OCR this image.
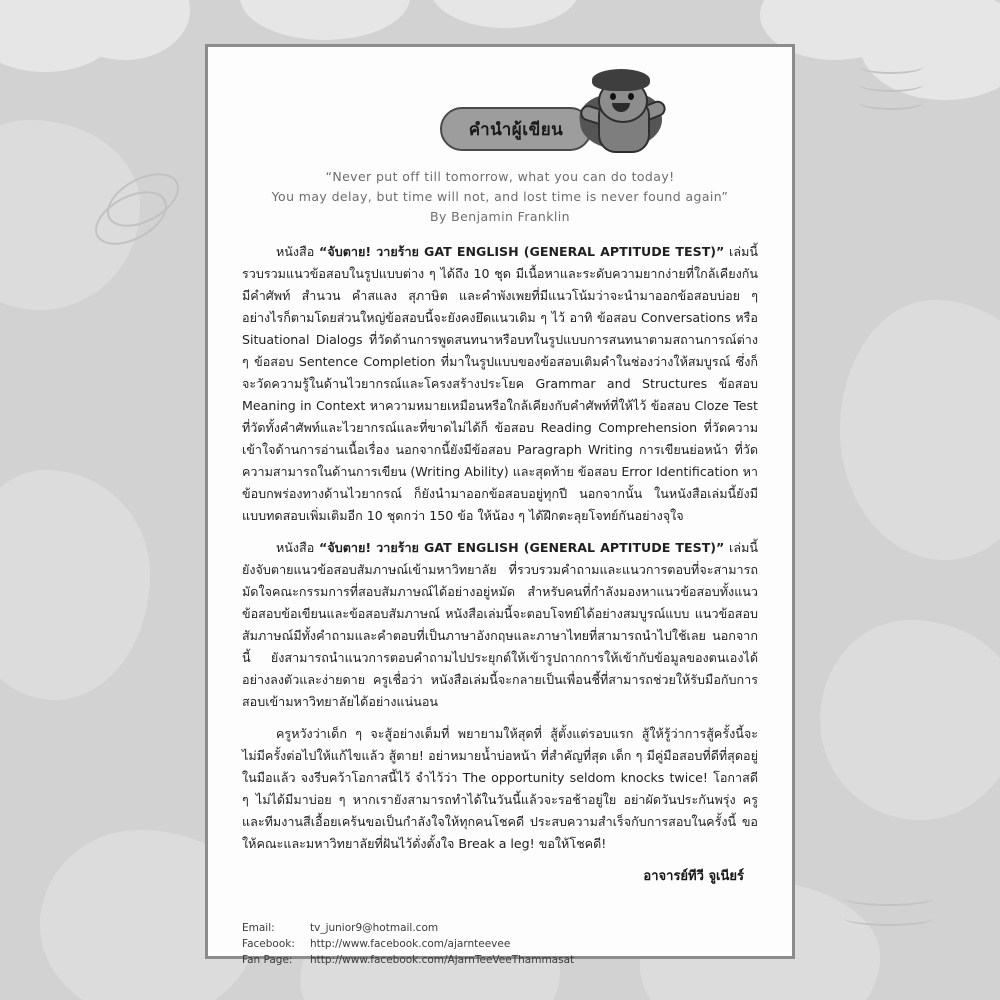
คำนำผู้เขียน
“Never put off till tomorrow, what you can do today!
You may delay, but time will not, and lost time is never found again”
By Benjamin Franklin

หนังสือ “จับตาย! วายร้าย GAT ENGLISH (GENERAL APTITUDE TEST)” เล่มนี้ รวบรวมแนวข้อสอบในรูปแบบต่าง ๆ ได้ถึง 10 ชุด มีเนื้อหาและระดับความยากง่ายที่ใกล้เคียงกัน มีคำศัพท์ สำนวน คำสแลง สุภาษิต และคำพังเพยที่มีแนวโน้มว่าจะนำมาออกข้อสอบบ่อย ๆ อย่างไรก็ตามโดยส่วนใหญ่ข้อสอบนี้จะยังคงยึดแนวเดิม ๆ ไว้ อาทิ ข้อสอบ Conversations หรือ Situational Dialogs ที่วัดด้านการพูดสนทนาหรือบทในรูปแบบการสนทนาตามสถานการณ์ต่าง ๆ ข้อสอบ Sentence Completion ที่มาในรูปแบบของข้อสอบเติมคำในช่องว่างให้สมบูรณ์ ซึ่งก็จะวัดความรู้ในด้านไวยากรณ์และโครงสร้างประโยค Grammar and Structures ข้อสอบ Meaning in Context หาความหมายเหมือนหรือใกล้เคียงกับคำศัพท์ที่ให้ไว้ ข้อสอบ Cloze Test ที่วัดทั้งคำศัพท์และไวยากรณ์และที่ขาดไม่ได้ก็ ข้อสอบ Reading Comprehension ที่วัดความเข้าใจด้านการอ่านเนื้อเรื่อง นอกจากนี้ยังมีข้อสอบ Paragraph Writing การเขียนย่อหน้า ที่วัดความสามารถในด้านการเขียน (Writing Ability) และสุดท้าย ข้อสอบ Error Identification หาข้อบกพร่องทางด้านไวยากรณ์ ก็ยังนำมาออกข้อสอบอยู่ทุกปี นอกจากนั้น ในหนังสือเล่มนี้ยังมีแบบทดสอบเพิ่มเติมอีก 10 ชุดกว่า 150 ข้อ ให้น้อง ๆ ได้ฝึกตะลุยโจทย์กันอย่างจุใจ

หนังสือ “จับตาย! วายร้าย GAT ENGLISH (GENERAL APTITUDE TEST)” เล่มนี้ยังจับตายแนวข้อสอบสัมภาษณ์เข้ามหาวิทยาลัย ที่รวบรวมคำถามและแนวการตอบที่จะสามารถมัดใจคณะกรรมการที่สอบสัมภาษณ์ได้อย่างอยู่หมัด สำหรับคนที่กำลังมองหาแนวข้อสอบทั้งแนวข้อสอบข้อเขียนและข้อสอบสัมภาษณ์ หนังสือเล่มนี้จะตอบโจทย์ได้อย่างสมบูรณ์แบบ แนวข้อสอบสัมภาษณ์มีทั้งคำถามและคำตอบที่เป็นภาษาอังกฤษและภาษาไทยที่สามารถนำไปใช้เลย นอกจากนี้ ยังสามารถนำแนวการตอบคำถามไปประยุกต์ให้เข้ารูปถากการให้เข้ากับข้อมูลของตนเองได้อย่างลงตัวและง่ายดาย ครูเชื่อว่า หนังสือเล่มนี้จะกลายเป็นเพื่อนชี้ที่สามารถช่วยให้รับมือกับการสอบเข้ามหาวิทยาลัยได้อย่างแน่นอน

ครูหวังว่าเด็ก ๆ จะสู้อย่างเต็มที่ พยายามให้สุดที่ สู้ตั้งแต่รอบแรก สู้ให้รู้ว่าการสู้ครั้งนี้จะไม่มีครั้งต่อไปให้แก้ไขแล้ว สู้ตาย! อย่าหมายน้ำบ่อหน้า ที่สำคัญที่สุด เด็ก ๆ มีคู่มือสอบที่ดีที่สุดอยู่ในมือแล้ว จงรีบคว้าโอกาสนี้ไว้ จำไว้ว่า The opportunity seldom knocks twice! โอกาสดี ๆ ไม่ได้มีมาบ่อย ๆ หากเรายังสามารถทำได้ในวันนี้แล้วจะรอช้าอยู่ใย อย่าผัดวันประกันพรุ่ง ครูและทีมงานสีเอื้อยเคร้นขอเป็นกำลังใจให้ทุกคนโชคดี ประสบความสำเร็จกับการสอบในครั้งนี้ ขอให้คณะและมหาวิทยาลัยที่ฝันไว้ดั่งตั้งใจ Break a leg! ขอให้โชคดี!

อาจารย์ทีวี จูเนียร์
Email:	tv_junior9@hotmail.com
Facebook:	http://www.facebook.com/ajarnteevee
Fan Page:	http://www.facebook.com/AjarnTeeVeeThammasat
